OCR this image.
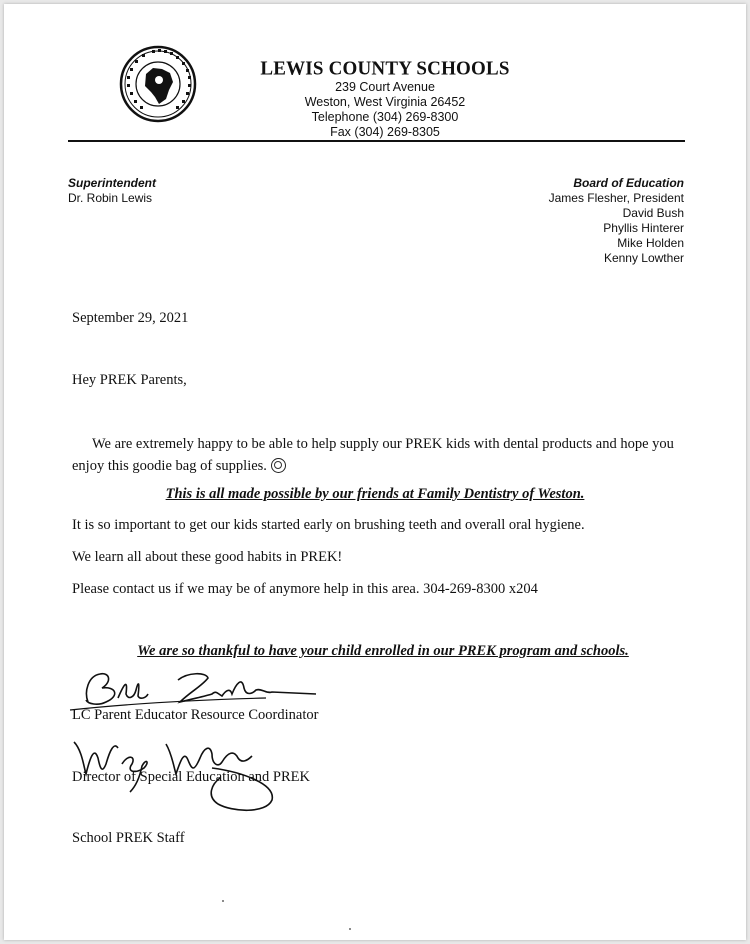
LEWIS COUNTY SCHOOLS
239 Court Avenue
Weston, West Virginia 26452
Telephone (304) 269-8300
Fax (304) 269-8305
Superintendent
Dr. Robin Lewis
Board of Education
James Flesher, President
David Bush
Phyllis Hinterer
Mike Holden
Kenny Lowther
September 29, 2021
Hey PREK Parents,
We are extremely happy to be able to help supply our PREK kids with dental products and hope you enjoy this goodie bag of supplies.
This is all made possible by our friends at Family Dentistry of Weston.
It is so important to get our kids started early on brushing teeth and overall oral hygiene.
We learn all about these good habits in PREK!
Please contact us if we may be of anymore help in this area. 304-269-8300 x204
We are so thankful to have your child enrolled in our PREK program and schools.
LC Parent Educator Resource Coordinator
Director of Special Education and PREK
School PREK Staff
